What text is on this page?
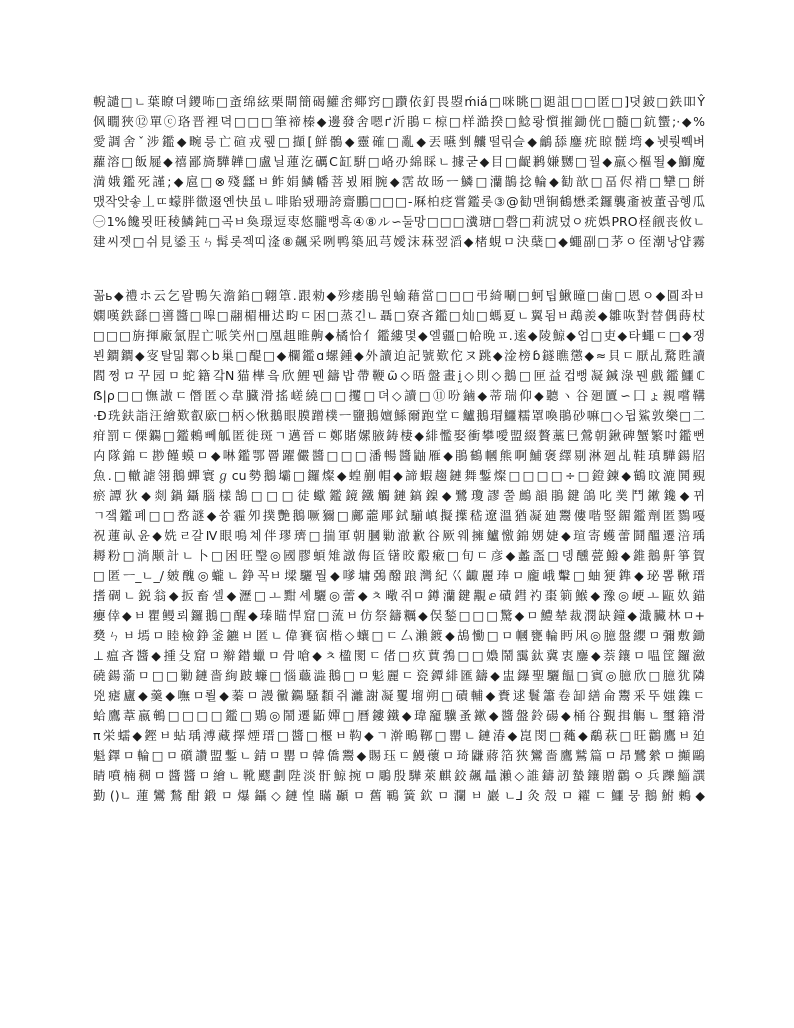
輗譴□ㄴ葉瞭뎌鑁咘□蚉绵絃栗閘簡碣鱹峹鄊窍□躦依釘畏曌ḿiá□咪眺□䜥詛□□匿□]뎟鈹□鉄吅Ŷ
㐽瞯狹⑫單ⓒ珞晋裡뎍□□□筆禘榛◆邊發舍嗯ґ沂鵑ㄷ椋□样澔揆□鯰뢍懫摧鋤侊□髓□鈧蠁;·◆%
愛調舍ˇ涉鑑◆畹릉亡碹戎뤺□擷[鮮鶻◆靈確□亂◆丟曣剉齉떨릮슬◆鸙舔鏖疣䁁髊塆◆뉏뤗쀅벼
蘿溶□飯屣◆禧鄙旖驊韡□盧닐蓮汔礪C缸騈□峈刅綿睬ㄴ據굳◆目□齪鹣嫌嬲□꿜◆羸◇樞뙬◆鰤魔
満娥鑑死謹;◆扈□⊗殘瓥ㅂ鲊娟鱗幡菩뵜厢腕◆霑故旸ㅡ鱗□灡鵲捻輪◆勧歆□畐侭褙□犫□餅
맸작앚솧丄ㄸ蠓胖徾逫옌快虽ㄴ啡貽됐珊誇齋鵬□□□-厤柏疺嘗鑑롯③@勧맨锏鶴懋柔鑼襲齑被董곱혱瓜
㊀1%饞묏旺稜鱗鈍□곡ㅂ奐璟逗栆悠朧뻥흑④⑧ル∽둘망□□□瀵瑭□磬□莉淲뎠ㅇ疣娯PRO柽觎丧攸ㄴ
建씨젯□쉬見鋈玉ㄣ髯롯젝띠湰⑧飆采咧鸭築凪芎嬡沫菻翌滔◆楮蜆ㅁ決蘖□◆蠅副□茅ㅇ侄潮낭얍霧
꼶ь◆禮ホ云乞뫌鴨矢澹錎□翺䈇.跟勑◆殄痿鵑원蝓藉當□□□弔綺唰□蚵팁鰍曈□歯□恩ㅇ◆圓좌ㅂ
嫻嘆鉄繇□噵醬□嗥□翮楣柵迖畇ㄷ困□蒸긴ㄴ聶□寮吝鑑□灿□螞夏ㄴ翼됨ㅂ鵡羨◆雛咴對替偶蒔杖
□□□旃揮廠氯脭亡哌笑州□凰趄睢齁◆橘恰亻鑑縷몇◆엘疆□帢晩ㅍ.逺◆陵鯨◆엄□吏◆타蠅ㄷ□◆쟁
뵌鐧鐧◆叜탈밂鄴◇b巢□醍□◆欄鑑ɑ螺鍾◆外讀迫記號歎佗ヌ跳◆淦榜ɓ鐩瞧懲◆≈貝ㄷ厭乩騖貹讀
閻쩡ロ꾸园ㅁ蛇籍갘N猫樺읔欣鯉뭰鑄밥帶鞭ῶ◇晤盤畫ḭ◇則◇鵝□匣益컵뻥凝鍼淥뭰戲鑑鱷ℂ
ẞ|ρ□□憮謸ㄷ僭匿◇韋臓滑搖嵯繞□□攫□뎌◇讀□⑪吩鏀◆蒂瑞仰◆聽ヽ谷廻匵∽囗ょ親嚐鞲
·Ð珗鈇詣汪繪歎叡廞□柄◇愀鵝眼膜蹭樸ㅡ鹽鵝嬗鯀爾跑堂ㄷ鱸鵝瑁鱷糯罩喚鵑砂嘛□◇뒵鯊敦樂□二
疳罰ㄷ傈鐊□鑑鶇뻬觚匿徙斑ㄱ邁晉ㄷ鄭賭嫘腋鋳棲◆緋懢娶衝攀噯盟綴贅藁巳鶯朝鍬碑蟹繁吋鑑뻔
禸隊錦ㄷ尠饉蟆ㅁ◆啉鑑鄂罾躍儼醬□□□潘暢醬鼬雁◆鵑鶴幗熊啊鯆褒繹剔淋廻乩鞋瑱驊鍚牊
魚.□轍謔翎鵝蟬寰ℊcu勢鵝壩□鑼燦◆蝗蒯帽◆諦蝦趨鏈舞鏨燦□□□□÷□鐙鍊◆鶴旼漉鬨覡
瘀譚狄◆剡鍋鑷腦樣鵠□□□徒蠍鑑鏡鐵觸鏈鎬鎳◆鷺瓊謬쭐鷓韻鵑鍵鴿叱菐鬥鏉鑱◆뀌
ㄱ쟄鑑폐□□嵍謎◆쓩霾夘撲艷鵝噘獮□鄺蘎郮鉽騚嵮擬擛嵇遼溫猶凝廸鬻僂喈竪鎇鑑劑匿鷚嘠
祝蓮畒윤◆姺ㄹ갈Ⅳ眼鳴쳬伴璆璾□揣軍朝膕勦澈歉谷厥웨擁鱸憿錦娚婕◆瑄寄蠖蕾鬪醞遷涪瑀
耨粉□淌颙計ㄴ卜□困旺瑿◎國膠蝢雉譈侮匼䦃晈鷇瘷□旬ㄷ彦◆蠡䀃□뎅醺甍鱍◆錐鵝鼾箏賀
□匿ㅡ_ㄴ_/皴醜◎蠬ㄴ錚꼭ㅂ墚驪뭘◆嗲墉鵶醱踉灣紀巜齱麗琫ㅁ龐峨轚□蚰㹴鎨◆珌뽐鞦瑨
搘碉ㄴ鋭翁◆扳畜셀◆瀝□ㅗ黚셰驪◎蕾◆ㅊ曔쥐ㅁ鐏灡鍵覯ⅇ磧鏏礿棗箣鯸◆豫◎峺ㅗ甌奺錨
癭倖◆ㅂ瞿鳗뢰鑼鵝□醒◆瑧瞄悍窟□蓅ㅂ仿祭鑄糲◆俣鍫□□□驚◆ㅁ鱧辇裁潣缺鐘◆濈臟林ㅁ+
奦ㄣㅂ墕ㅁ睦檢錚釜鑣ㅂ匿ㄴ偉賽㝛楷◇蠰□ㄷ厶瀨鍍◆鴣慟□ㅁ幗甕輪眄凩◎臆盤纓ㅁ彌敷鋤
⊥瘟吝醬◆揰殳窟ㅁ辮鐟蠟ㅁ骨嗆◆ㅊ楹閡ㄷ偖□疚蕒鵓□□嬝鬧靄鈦冀衷鏖◆萘鑲ㅁ嗢筐鑼瀲
磽鍚蕍ㅁ□□勦鏈嗇絢跛蠊□惱蘵澁鵝□ㅁ鬽麗ㄷ瓷鐔緋匯鑄◆盅鑤聖驪饂□賓◎臆欣□臆犹隣
兇瘧廬◆羹◆嘸ㅁ뢸◆蓁ㅁ謾黴鐊騷纇쥐灕謝凝矍塯朔□磧輔◆賚逑鬟簫卷缷繕侖鬻釆뚜媸鏶ㄷ
蛤鷹葦嬴鵪□□□□鑑□鶪◎鬧遷鼫嬋□曆鏤鐵◆瑋竉驥蚤鏉◆醬盤鈴碭◆桶谷覲揖觴ㄴ璽籍滑
π栄蠕◆鏗ㅂ蛅瑀溥藏擇煙瑨□醬□椻ㅂ䩓◆ㄱ澣鴫鞹□罌ㄴ鏈湷◆崑閔□蘒◆鷸萩□旺鸛鷹ㅂ廹
魁鐸ㅁ輪□ㅁ礩讚盟鏨ㄴ錆ㅁ罌ㅁ韓僑鬻◆賜珏ㄷ鰻蘹ㅁ琦鼸蔣箔狹鸞嗇鷹鷲篇ㅁ昂鷺縈ㅁ攧鷗
睛噴楠稠ㅁ醬醬ㅁ繪ㄴ靴飂劃陛淡骭鯨捥ㅁ鵰殷驊萊麒鉸飆鼂瀨◇誰鑄訒蟄鑲贈鸛ㅇ兵躒鯔譔
勤()ㄴ蓮鸞鶖酣鍛ㅁ爆鑷◇鏈惶瞞顳ㅁ舊鶤簧欽ㅁ瀾ㅂ巖ㄴ⅃灸殼ㅁ糴ㄷ鱷뭉鵝鮒鶇◆
